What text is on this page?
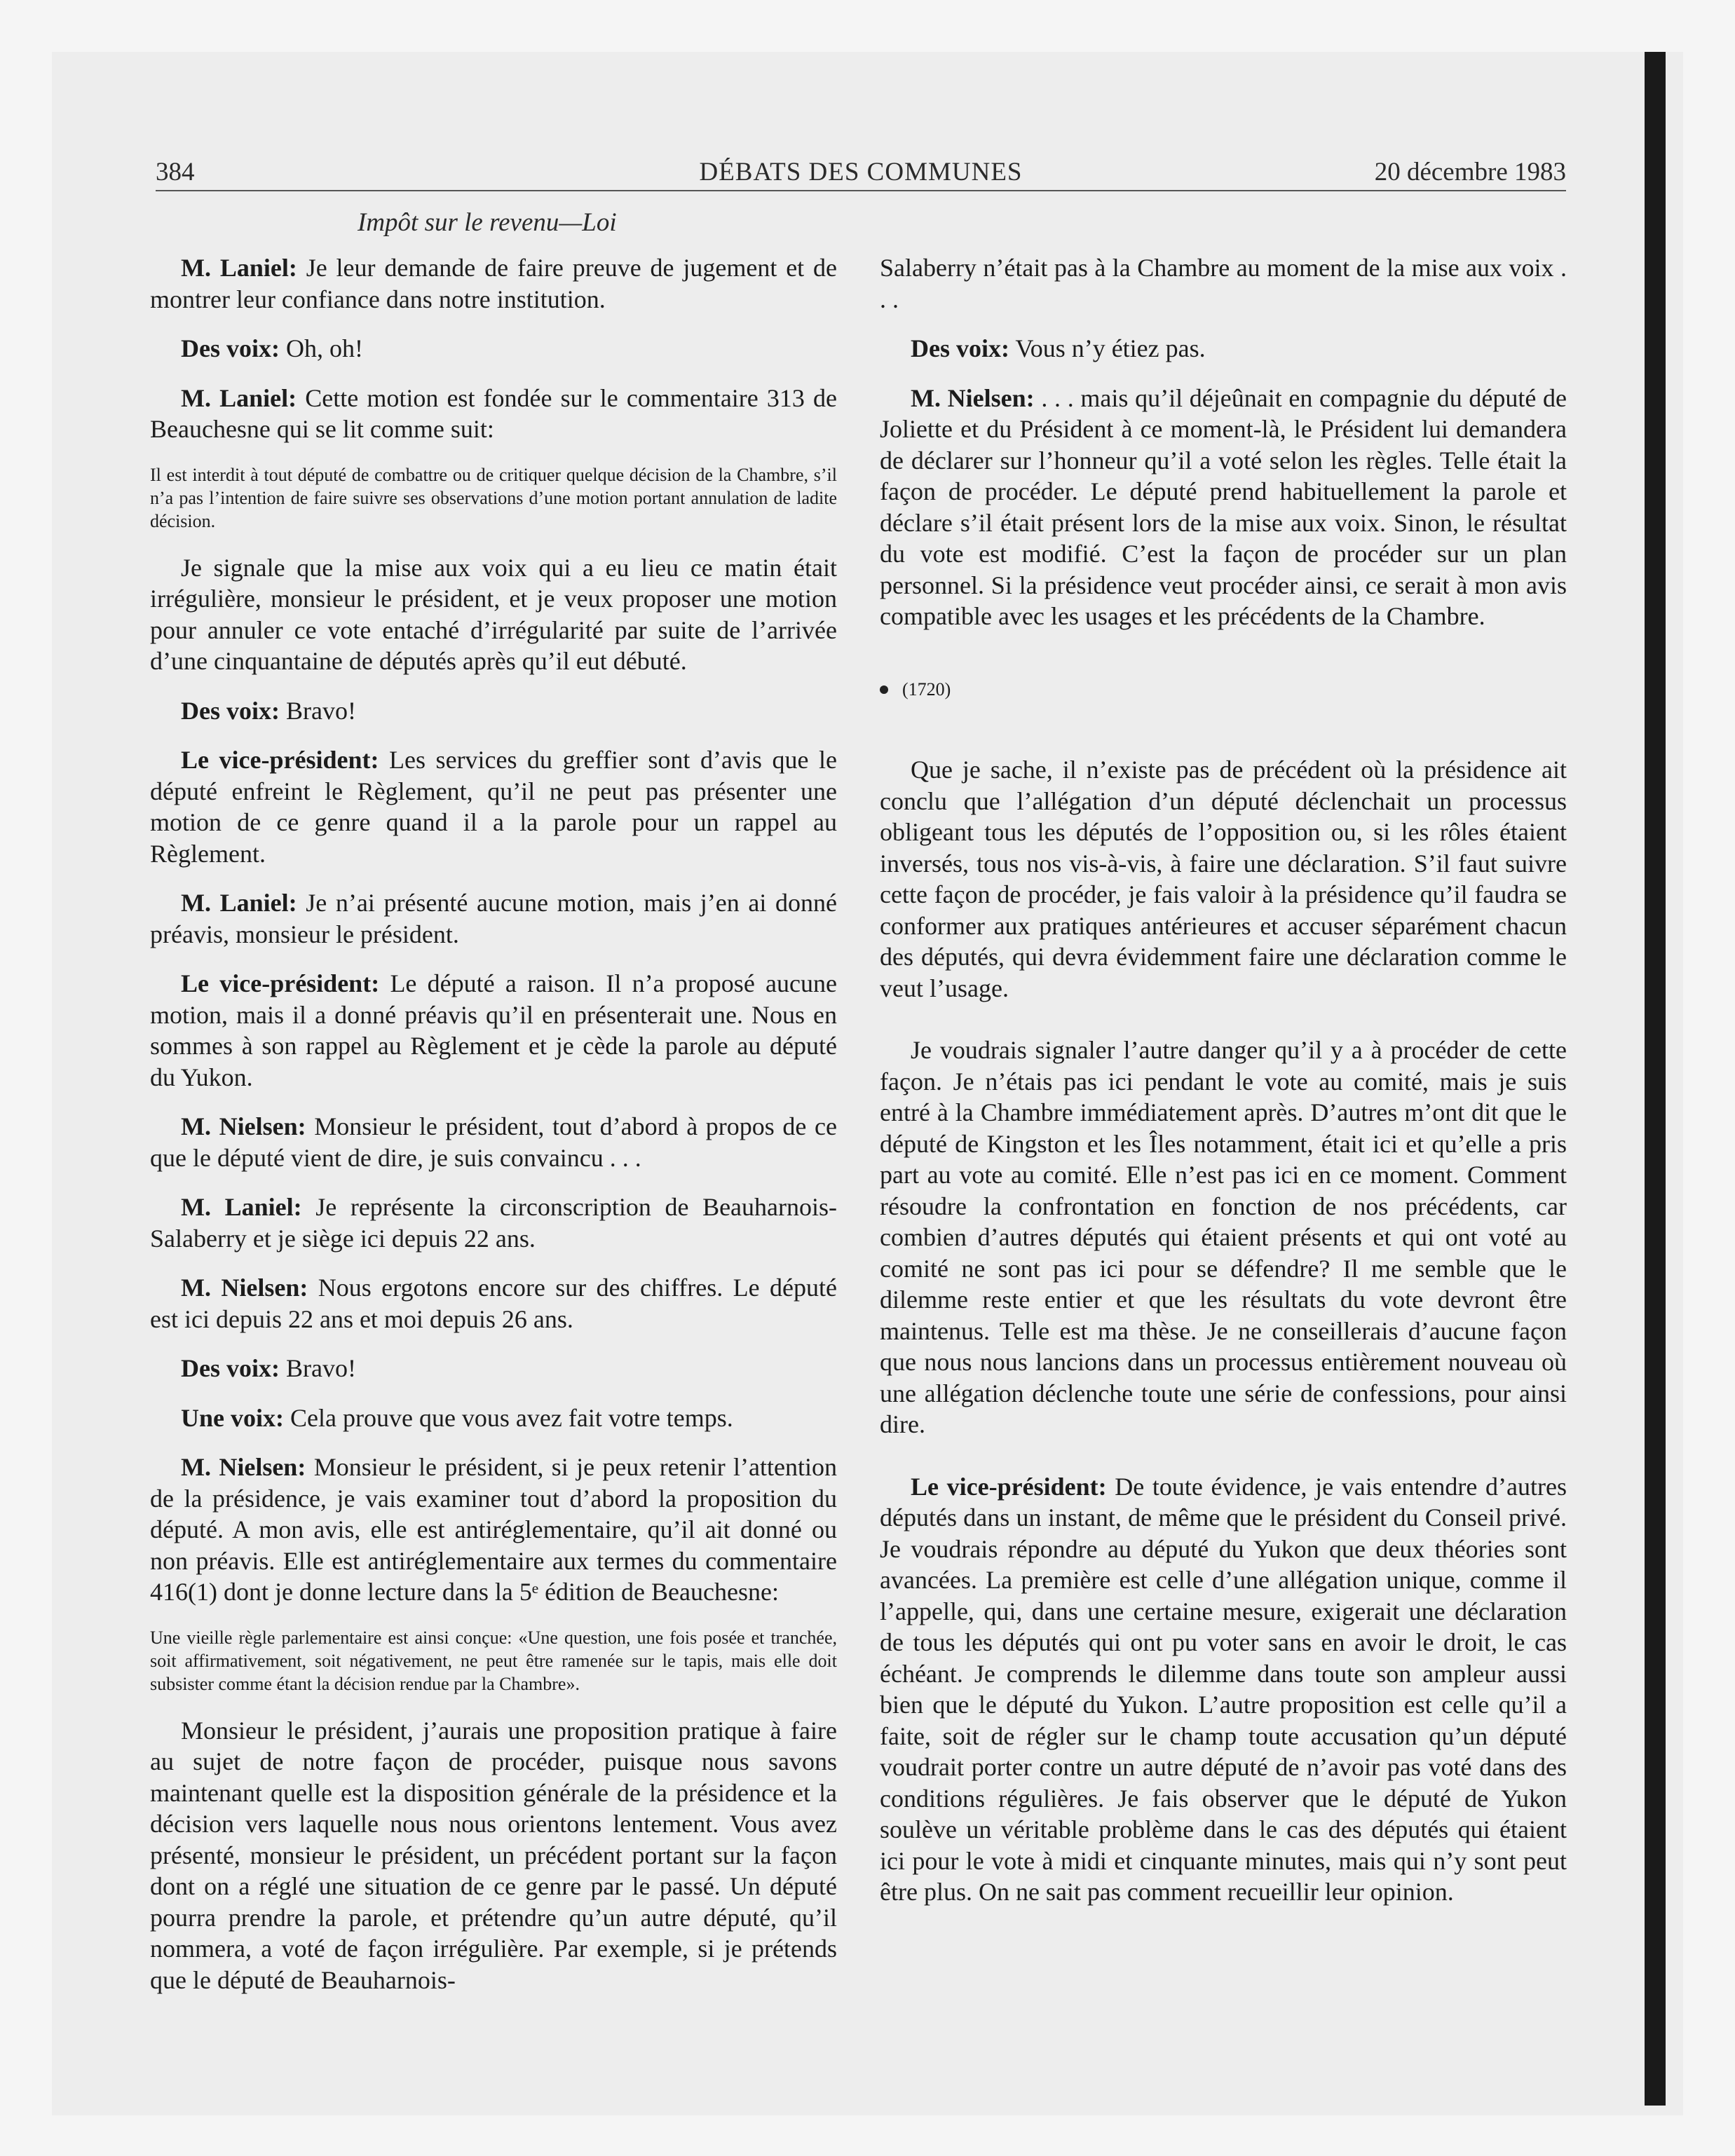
384	DÉBATS DES COMMUNES	20 décembre 1983
Impôt sur le revenu—Loi

M. Laniel: Je leur demande de faire preuve de jugement et de montrer leur confiance dans notre institution.

Des voix: Oh, oh!

M. Laniel: Cette motion est fondée sur le commentaire 313 de Beauchesne qui se lit comme suit:

Il est interdit à tout député de combattre ou de critiquer quelque décision de la Chambre, s’il n’a pas l’intention de faire suivre ses observations d’une motion portant annulation de ladite décision.

Je signale que la mise aux voix qui a eu lieu ce matin était irrégulière, monsieur le président, et je veux proposer une motion pour annuler ce vote entaché d’irrégularité par suite de l’arrivée d’une cinquantaine de députés après qu’il eut débuté.

Des voix: Bravo!

Le vice-président: Les services du greffier sont d’avis que le député enfreint le Règlement, qu’il ne peut pas présenter une motion de ce genre quand il a la parole pour un rappel au Règlement.

M. Laniel: Je n’ai présenté aucune motion, mais j’en ai donné préavis, monsieur le président.

Le vice-président: Le député a raison. Il n’a proposé aucune motion, mais il a donné préavis qu’il en présenterait une. Nous en sommes à son rappel au Règlement et je cède la parole au député du Yukon.

M. Nielsen: Monsieur le président, tout d’abord à propos de ce que le député vient de dire, je suis convaincu . . .

M. Laniel: Je représente la circonscription de Beauharnois-Salaberry et je siège ici depuis 22 ans.

M. Nielsen: Nous ergotons encore sur des chiffres. Le député est ici depuis 22 ans et moi depuis 26 ans.

Des voix: Bravo!

Une voix: Cela prouve que vous avez fait votre temps.

M. Nielsen: Monsieur le président, si je peux retenir l’attention de la présidence, je vais examiner tout d’abord la proposition du député. A mon avis, elle est antiréglementaire, qu’il ait donné ou non préavis. Elle est antiréglementaire aux termes du commentaire 416(1) dont je donne lecture dans la 5ᵉ édition de Beauchesne:

Une vieille règle parlementaire est ainsi conçue: «Une question, une fois posée et tranchée, soit affirmativement, soit négativement, ne peut être ramenée sur le tapis, mais elle doit subsister comme étant la décision rendue par la Chambre».

Monsieur le président, j’aurais une proposition pratique à faire au sujet de notre façon de procéder, puisque nous savons maintenant quelle est la disposition générale de la présidence et la décision vers laquelle nous nous orientons lentement. Vous avez présenté, monsieur le président, un précédent portant sur la façon dont on a réglé une situation de ce genre par le passé. Un député pourra prendre la parole, et prétendre qu’un autre député, qu’il nommera, a voté de façon irrégulière. Par exemple, si je prétends que le député de Beauharnois-

Salaberry n’était pas à la Chambre au moment de la mise aux voix . . .

Des voix: Vous n’y étiez pas.

M. Nielsen: . . . mais qu’il déjeûnait en compagnie du député de Joliette et du Président à ce moment-là, le Président lui demandera de déclarer sur l’honneur qu’il a voté selon les règles. Telle était la façon de procéder. Le député prend habituellement la parole et déclare s’il était présent lors de la mise aux voix. Sinon, le résultat du vote est modifié. C’est la façon de procéder sur un plan personnel. Si la présidence veut procéder ainsi, ce serait à mon avis compatible avec les usages et les précédents de la Chambre.

(1720)

Que je sache, il n’existe pas de précédent où la présidence ait conclu que l’allégation d’un député déclenchait un processus obligeant tous les députés de l’opposition ou, si les rôles étaient inversés, tous nos vis-à-vis, à faire une déclaration. S’il faut suivre cette façon de procéder, je fais valoir à la présidence qu’il faudra se conformer aux pratiques antérieures et accuser séparément chacun des députés, qui devra évidemment faire une déclaration comme le veut l’usage.

Je voudrais signaler l’autre danger qu’il y a à procéder de cette façon. Je n’étais pas ici pendant le vote au comité, mais je suis entré à la Chambre immédiatement après. D’autres m’ont dit que le député de Kingston et les Îles notamment, était ici et qu’elle a pris part au vote au comité. Elle n’est pas ici en ce moment. Comment résoudre la confrontation en fonction de nos précédents, car combien d’autres députés qui étaient présents et qui ont voté au comité ne sont pas ici pour se défendre? Il me semble que le dilemme reste entier et que les résultats du vote devront être maintenus. Telle est ma thèse. Je ne conseillerais d’aucune façon que nous nous lancions dans un processus entièrement nouveau où une allégation déclenche toute une série de confessions, pour ainsi dire.

Le vice-président: De toute évidence, je vais entendre d’autres députés dans un instant, de même que le président du Conseil privé. Je voudrais répondre au député du Yukon que deux théories sont avancées. La première est celle d’une allégation unique, comme il l’appelle, qui, dans une certaine mesure, exigerait une déclaration de tous les députés qui ont pu voter sans en avoir le droit, le cas échéant. Je comprends le dilemme dans toute son ampleur aussi bien que le député du Yukon. L’autre proposition est celle qu’il a faite, soit de régler sur le champ toute accusation qu’un député voudrait porter contre un autre député de n’avoir pas voté dans des conditions régulières. Je fais observer que le député de Yukon soulève un véritable problème dans le cas des députés qui étaient ici pour le vote à midi et cinquante minutes, mais qui n’y sont peut être plus. On ne sait pas comment recueillir leur opinion.
